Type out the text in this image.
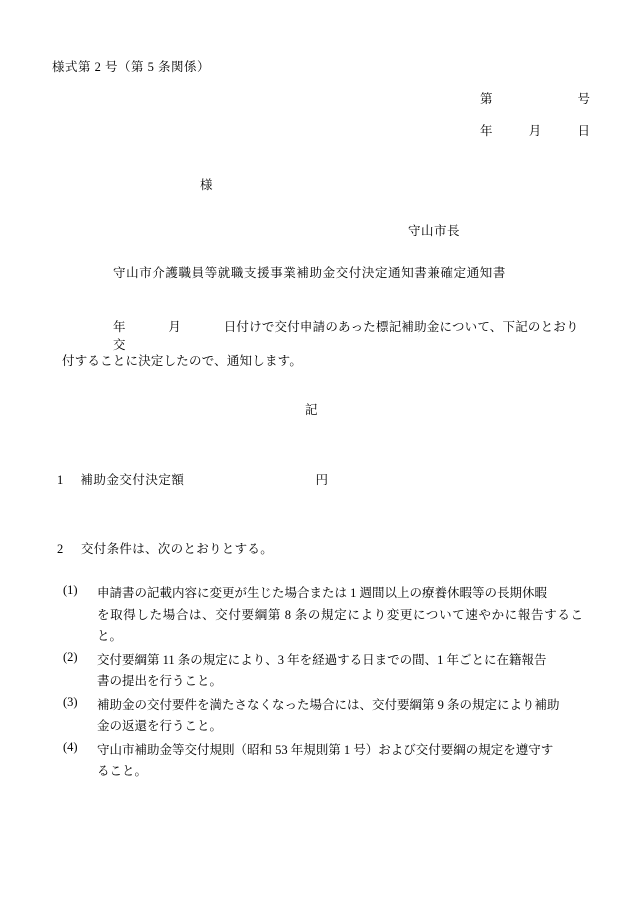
様式第 2 号（第 5 条関係）
第	号
年	月	日
様
守山市長
守山市介護職員等就職支援事業補助金交付決定通知書兼確定通知書
年	月	日付けで交付申請のあった標記補助金について、下記のとおり交
付することに決定したので、通知します。
記
1 補助金交付決定額	円
2 交付条件は、次のとおりとする。
(1)	申請書の記載内容に変更が生じた場合または 1 週間以上の療養休暇等の長期休暇
を取得した場合は、交付要綱第 8 条の規定により変更について速やかに報告すること。
(2)	交付要綱第 11 条の規定により、3 年を経過する日までの間、1 年ごとに在籍報告
書の提出を行うこと。
(3)	補助金の交付要件を満たさなくなった場合には、交付要綱第 9 条の規定により補助
金の返還を行うこと。
(4)	守山市補助金等交付規則（昭和 53 年規則第 1 号）および交付要綱の規定を遵守す
ること。
